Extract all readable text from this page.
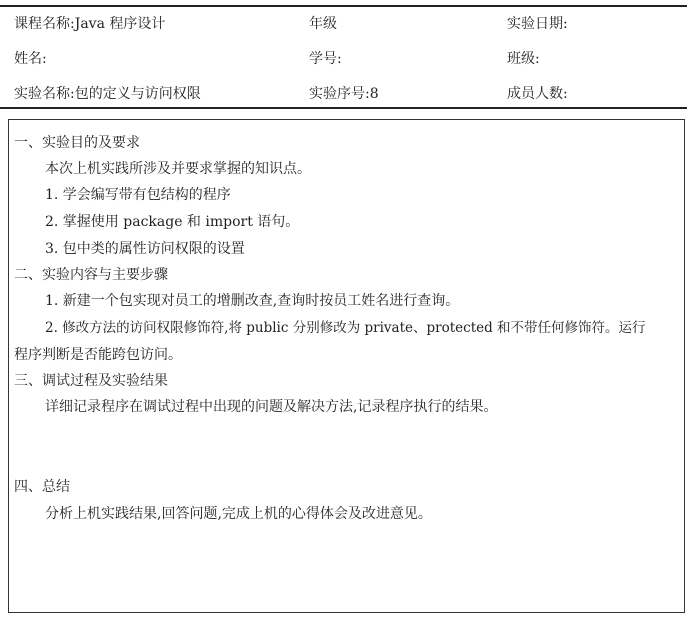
课程名称:Java 程序设计	年级	实验日期:
姓名:	学号:	班级:
实验名称:包的定义与访问权限	实验序号:8	成员人数:
一、实验目的及要求
本次上机实践所涉及并要求掌握的知识点。
1. 学会编写带有包结构的程序
2. 掌握使用 package 和 import 语句。
3. 包中类的属性访问权限的设置
二、实验内容与主要步骤
1. 新建一个包实现对员工的增删改查,查询时按员工姓名进行查询。
2. 修改方法的访问权限修饰符,将 public 分别修改为 private、protected 和不带任何修饰符。运行
程序判断是否能跨包访问。
三、调试过程及实验结果
详细记录程序在调试过程中出现的问题及解决方法,记录程序执行的结果。
四、总结
分析上机实践结果,回答问题,完成上机的心得体会及改进意见。
